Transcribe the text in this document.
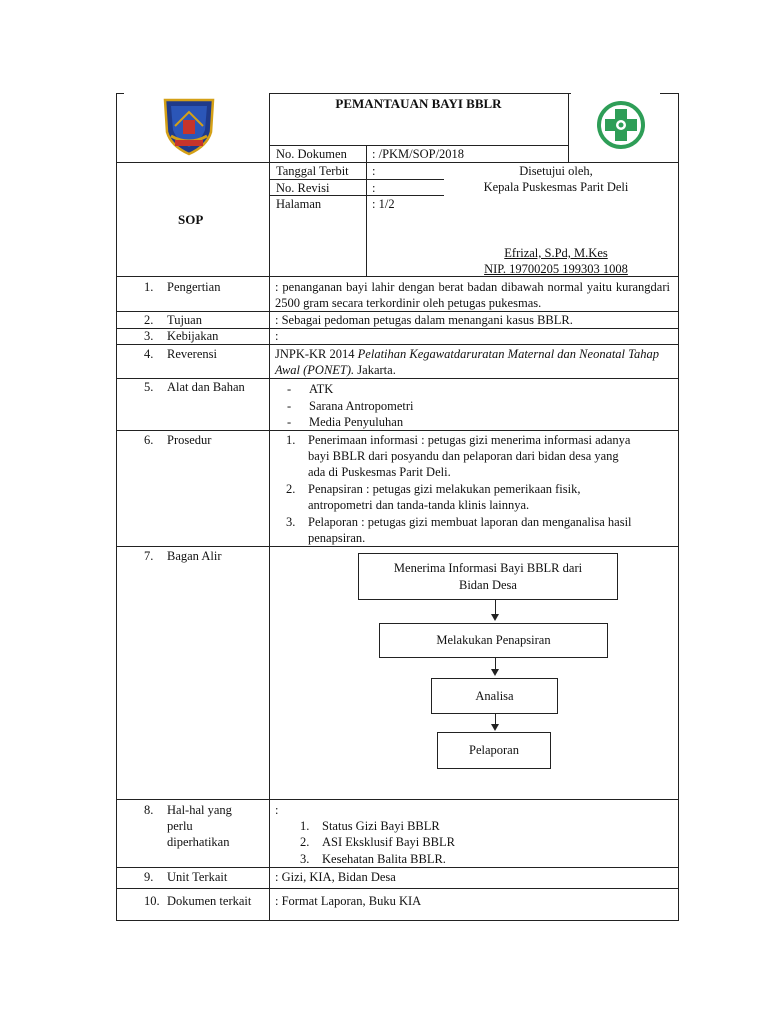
PEMANTAUAN BAYI BBLR
SOP
No. Dokumen : /PKM/SOP/2018
Tanggal Terbit :
No. Revisi	:
Halaman	: 1/2
Disetujui oleh,
Kepala Puskesmas Parit Deli
Efrizal, S.Pd, M.Kes
NIP. 19700205 199303 1008
1. Pengertian	: penanganan bayi lahir dengan berat badan dibawah normal yaitu kurangdari 2500 gram secara terkordinir oleh petugas pukesmas.
2. Tujuan	: Sebagai pedoman petugas dalam menangani kasus BBLR.
3. Kebijakan	:
4. Reverensi	JNPK-KR 2014 Pelatihan Kegawatdaruratan Maternal dan Neonatal Tahap Awal (PONET). Jakarta.
5. Alat dan Bahan	- ATK
- Sarana Antropometri
- Media Penyuluhan
6. Prosedur	1. Penerimaan informasi : petugas gizi menerima informasi adanya
bayi BBLR dari posyandu dan pelaporan dari bidan desa yang
ada di Puskesmas Parit Deli.
2. Penapsiran : petugas gizi melakukan pemerikaan fisik,
antropometri dan tanda-tanda klinis lainnya.
3. Pelaporan : petugas gizi membuat laporan dan menganalisa hasil
penapsiran.
7. Bagan Alir
Menerima Informasi Bayi BBLR dari Bidan Desa
Melakukan Penapsiran
Analisa
Pelaporan
8. Hal-hal yang
perlu
diperhatikan
:
1. Status Gizi Bayi BBLR
2. ASI Eksklusif Bayi BBLR
3. Kesehatan Balita BBLR.
9. Unit Terkait	: Gizi, KIA, Bidan Desa
10. Dokumen terkait : Format Laporan, Buku KIA
